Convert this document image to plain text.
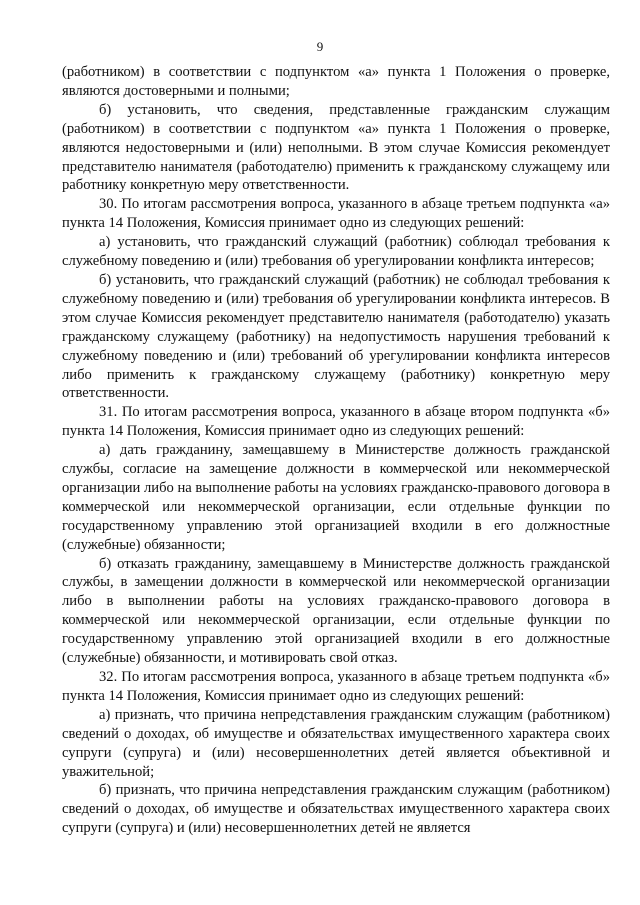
9

(работником) в соответствии с подпунктом «а» пункта 1 Положения о проверке, являются достоверными и полными;

б) установить, что сведения, представленные гражданским служащим (работником) в соответствии с подпунктом «а» пункта 1 Положения о проверке, являются недостоверными и (или) неполными. В этом случае Комиссия рекомендует представителю нанимателя (работодателю) применить к гражданскому служащему или работнику конкретную меру ответственности.

30. По итогам рассмотрения вопроса, указанного в абзаце третьем подпункта «а» пункта 14 Положения, Комиссия принимает одно из следующих решений:

а) установить, что гражданский служащий (работник) соблюдал требования к служебному поведению и (или) требования об урегулировании конфликта интересов;

б) установить, что гражданский служащий (работник) не соблюдал требования к служебному поведению и (или) требования об урегулировании конфликта интересов. В этом случае Комиссия рекомендует представителю нанимателя (работодателю) указать гражданскому служащему (работнику) на недопустимость нарушения требований к служебному поведению и (или) требований об урегулировании конфликта интересов либо применить к гражданскому служащему (работнику) конкретную меру ответственности.

31. По итогам рассмотрения вопроса, указанного в абзаце втором подпункта «б» пункта 14 Положения, Комиссия принимает одно из следующих решений:

а) дать гражданину, замещавшему в Министерстве должность гражданской службы, согласие на замещение должности в коммерческой или некоммерческой организации либо на выполнение работы на условиях гражданско-правового договора в коммерческой или некоммерческой организации, если отдельные функции по государственному управлению этой организацией входили в его должностные (служебные) обязанности;

б) отказать гражданину, замещавшему в Министерстве должность гражданской службы, в замещении должности в коммерческой или некоммерческой организации либо в выполнении работы на условиях гражданско-правового договора в коммерческой или некоммерческой организации, если отдельные функции по государственному управлению этой организацией входили в его должностные (служебные) обязанности, и мотивировать свой отказ.

32. По итогам рассмотрения вопроса, указанного в абзаце третьем подпункта «б» пункта 14 Положения, Комиссия принимает одно из следующих решений:

а) признать, что причина непредставления гражданским служащим (работником) сведений о доходах, об имуществе и обязательствах имущественного характера своих супруги (супруга) и (или) несовершеннолетних детей является объективной и уважительной;

б) признать, что причина непредставления гражданским служащим (работником) сведений о доходах, об имуществе и обязательствах имущественного характера своих супруги (супруга) и (или) несовершеннолетних детей не является
